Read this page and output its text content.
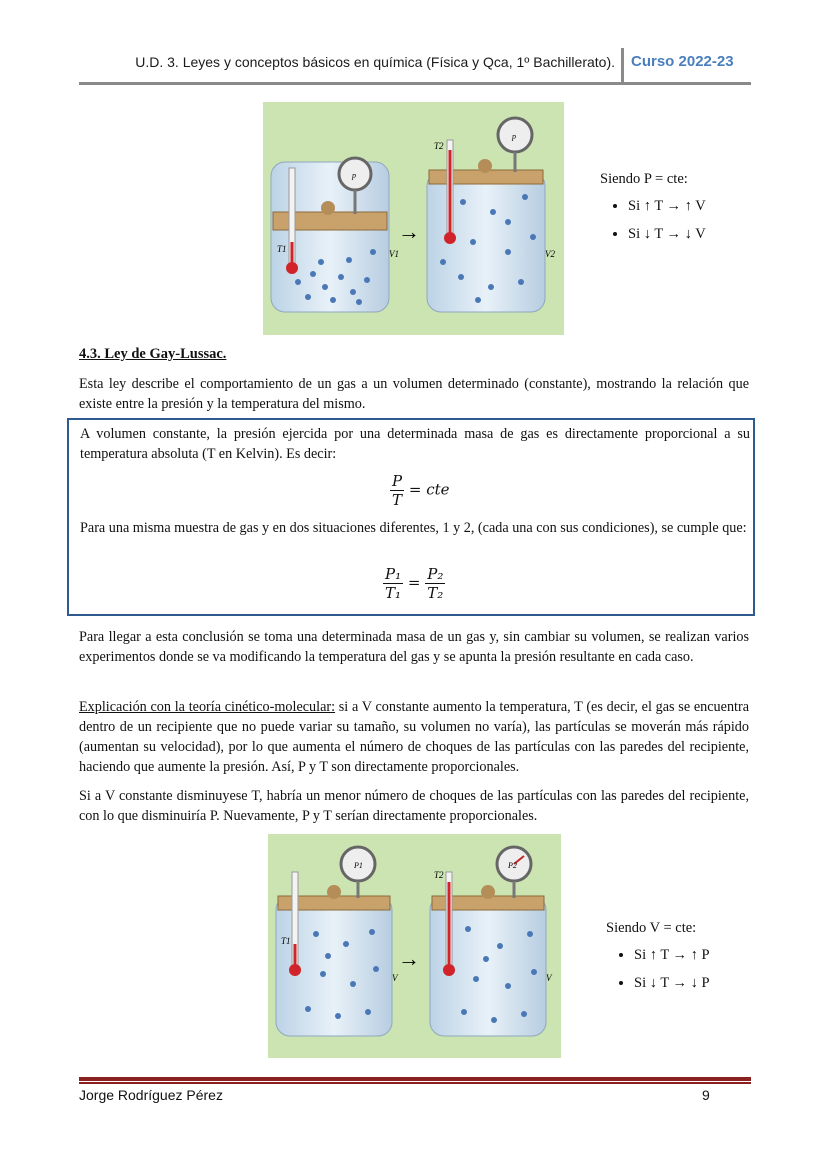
U.D. 3. Leyes y conceptos básicos en química (Física y Qca, 1º Bachillerato). Curso 2022-23
T1	V1
p
→
T2
V2
p
Siendo P = cte:
• Si ↑ T → ↑ V
• Si ↓ T → ↓ V
4.3. Ley de Gay-Lussac.
Esta ley describe el comportamiento de un gas a un volumen determinado (constante), mostrando la relación que existe entre la presión y la temperatura del mismo.
A volumen constante, la presión ejercida por una determinada masa de gas es directamente proporcional a su temperatura absoluta (T en Kelvin). Es decir:
$\frac{P}{T}$ = cte
Para una misma muestra de gas y en dos situaciones diferentes, 1 y 2, (cada una con sus condiciones), se cumple que:
$\frac{\text{P₁}}{\text{T₁}} = \frac{\text{P₂}}{\text{T₂}}$
Para llegar a esta conclusión se toma una determinada masa de un gas y, sin cambiar su volumen, se realizan varios experimentos donde se va modificando la temperatura del gas y se apunta la presión resultante en cada caso.
Explicación con la teoría cinético-molecular: si a V constante aumento la temperatura, T (es decir, el gas se encuentra dentro de un recipiente que no puede variar su tamaño, su volumen no varía), las partículas se moverán más rápido (aumentan su velocidad), por lo que aumenta el número de choques de las partículas con las paredes del recipiente, haciendo que aumente la presión. Así, P y T son directamente proporcionales.
Si a V constante disminuyese T, habría un menor número de choques de las partículas con las paredes del recipiente, con lo que disminuiría P. Nuevamente, P y T serían directamente proporcionales.
T1
P1
V
→
T2
P2
V
Siendo V = cte:
• Si ↑ T → ↑ P
• Si ↓ T → ↓ P
Jorge Rodríguez Pérez	9
